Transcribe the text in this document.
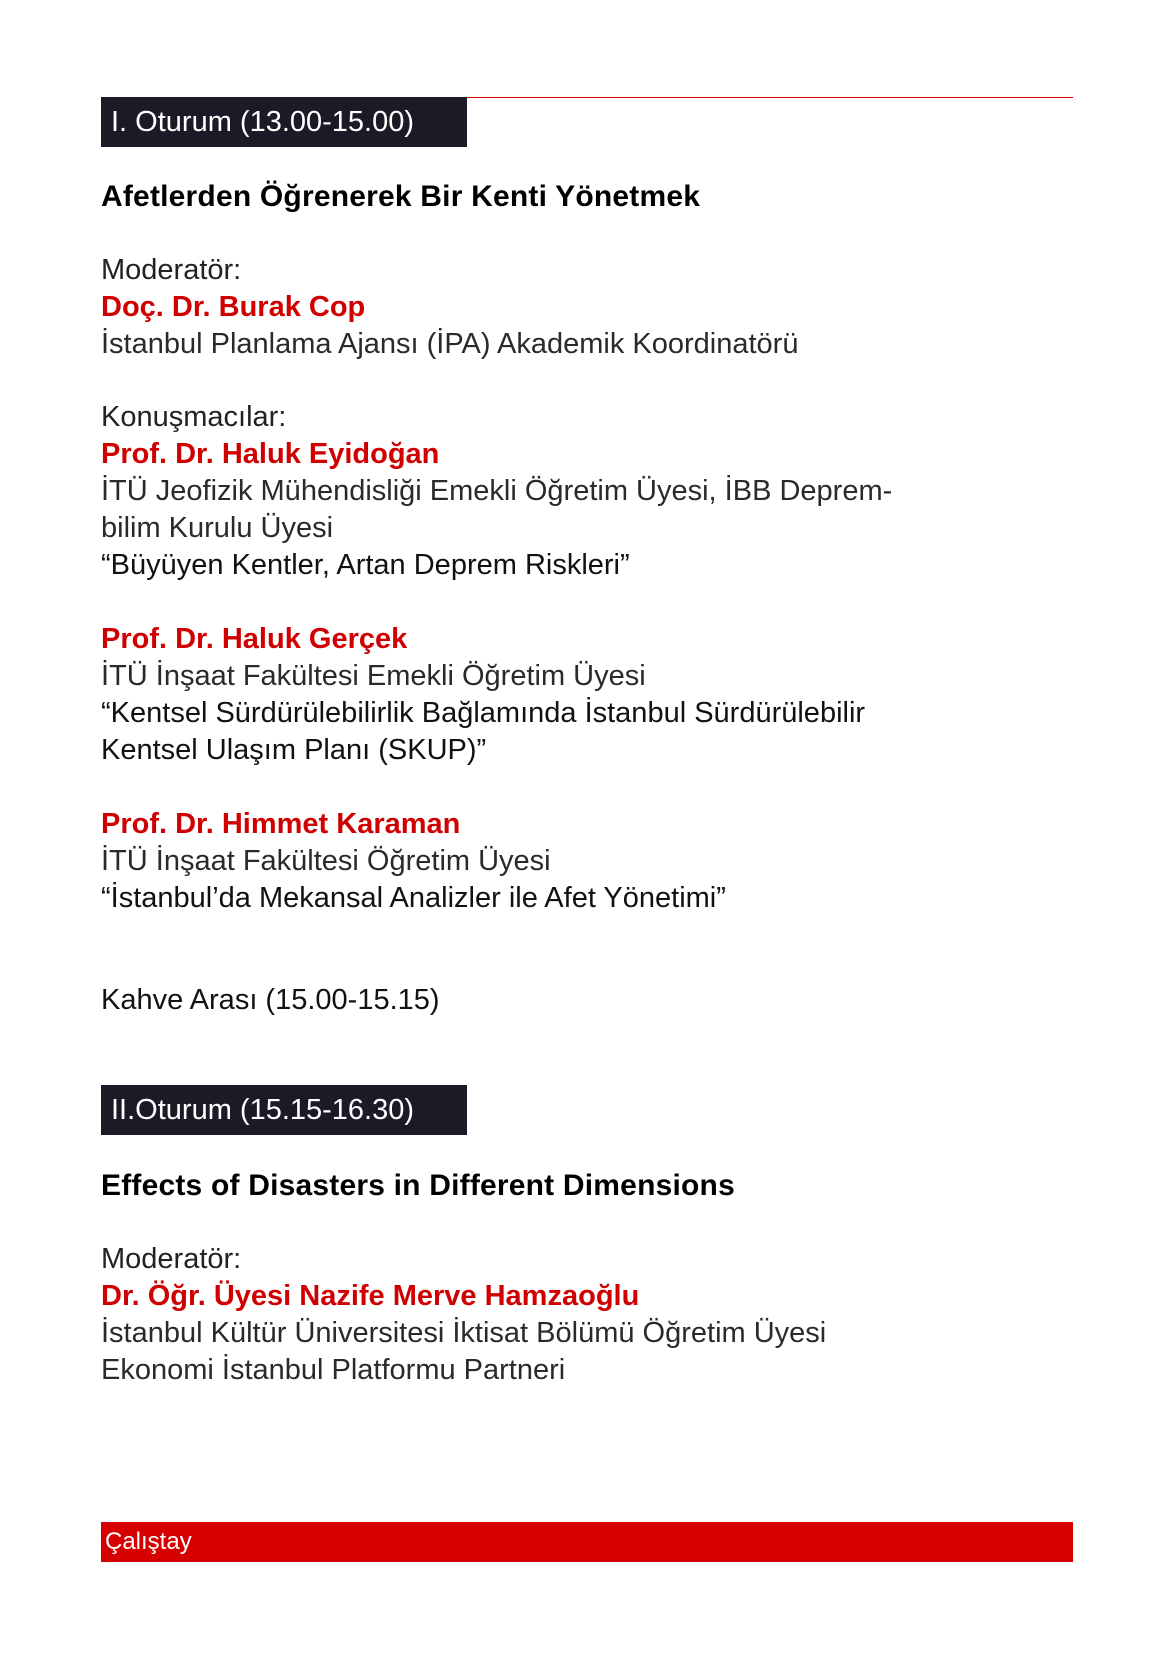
I. Oturum (13.00-15.00)
Afetlerden Öğrenerek Bir Kenti Yönetmek
Moderatör:
Doç. Dr. Burak Cop
İstanbul Planlama Ajansı (İPA) Akademik Koordinatörü
Konuşmacılar:
Prof. Dr. Haluk Eyidoğan
İTÜ Jeofizik Mühendisliği Emekli Öğretim Üyesi, İBB Deprem-
bilim Kurulu Üyesi
“Büyüyen Kentler, Artan Deprem Riskleri”
Prof. Dr. Haluk Gerçek
İTÜ İnşaat Fakültesi Emekli Öğretim Üyesi
“Kentsel Sürdürülebilirlik Bağlamında İstanbul Sürdürülebilir
Kentsel Ulaşım Planı (SKUP)”
Prof. Dr. Himmet Karaman
İTÜ İnşaat Fakültesi Öğretim Üyesi
“İstanbul’da Mekansal Analizler ile Afet Yönetimi”
Kahve Arası (15.00-15.15)
II.Oturum (15.15-16.30)
Effects of Disasters in Different Dimensions
Moderatör:
Dr. Öğr. Üyesi Nazife Merve Hamzaoğlu
İstanbul Kültür Üniversitesi İktisat Bölümü Öğretim Üyesi
Ekonomi İstanbul Platformu Partneri
Çalıştay
